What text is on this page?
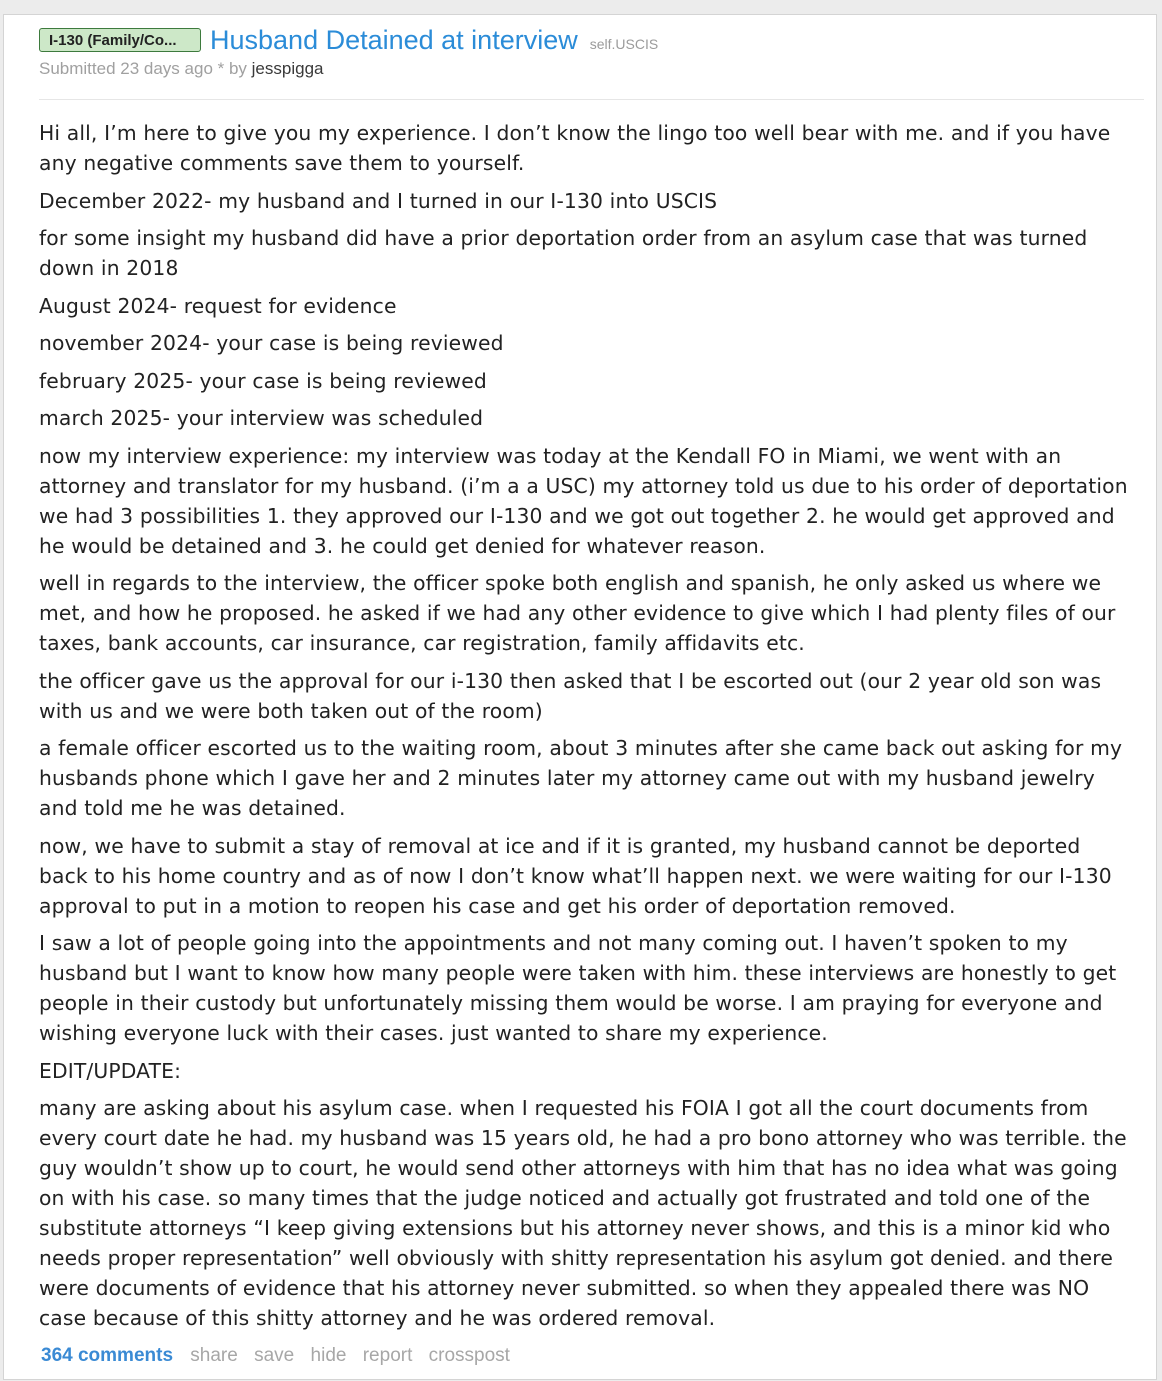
I-130 (Family/Co...	Husband Detained at interview self.USCIS
Submitted 23 days ago * by jesspigga

Hi all, I’m here to give you my experience. I don’t know the lingo too well bear with me. and if you have any negative comments save them to yourself.

December 2022- my husband and I turned in our I-130 into USCIS

for some insight my husband did have a prior deportation order from an asylum case that was turned down in 2018

August 2024- request for evidence

november 2024- your case is being reviewed

february 2025- your case is being reviewed

march 2025- your interview was scheduled

now my interview experience: my interview was today at the Kendall FO in Miami, we went with an attorney and translator for my husband. (i’m a a USC) my attorney told us due to his order of deportation we had 3 possibilities 1. they approved our I-130 and we got out together 2. he would get approved and he would be detained and 3. he could get denied for whatever reason.

well in regards to the interview, the officer spoke both english and spanish, he only asked us where we met, and how he proposed. he asked if we had any other evidence to give which I had plenty files of our taxes, bank accounts, car insurance, car registration, family affidavits etc.

the officer gave us the approval for our i-130 then asked that I be escorted out (our 2 year old son was with us and we were both taken out of the room)

a female officer escorted us to the waiting room, about 3 minutes after she came back out asking for my husbands phone which I gave her and 2 minutes later my attorney came out with my husband jewelry and told me he was detained.

now, we have to submit a stay of removal at ice and if it is granted, my husband cannot be deported back to his home country and as of now I don’t know what’ll happen next. we were waiting for our I-130 approval to put in a motion to reopen his case and get his order of deportation removed.

I saw a lot of people going into the appointments and not many coming out. I haven’t spoken to my husband but I want to know how many people were taken with him. these interviews are honestly to get people in their custody but unfortunately missing them would be worse. I am praying for everyone and wishing everyone luck with their cases. just wanted to share my experience.

EDIT/UPDATE:

many are asking about his asylum case. when I requested his FOIA I got all the court documents from every court date he had. my husband was 15 years old, he had a pro bono attorney who was terrible. the guy wouldn’t show up to court, he would send other attorneys with him that has no idea what was going on with his case. so many times that the judge noticed and actually got frustrated and told one of the substitute attorneys “I keep giving extensions but his attorney never shows, and this is a minor kid who needs proper representation” well obviously with shitty representation his asylum got denied. and there were documents of evidence that his attorney never submitted. so when they appealed there was NO case because of this shitty attorney and he was ordered removal.

364 comments share save hide report crosspost
